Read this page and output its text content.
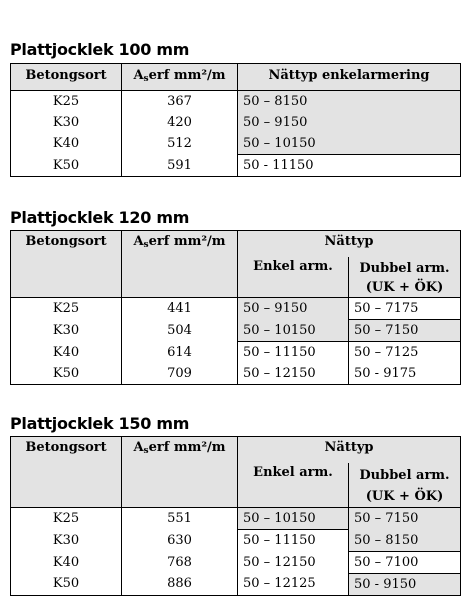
Plattjocklek 100 mm
Betongsort	$A_serf$ mm²/m	Nättyp enkelarmering
K25	367	50 – 8150
K30	420	50 – 9150
K40	512	50 – 10150
K50	591	50 - 11150
Plattjocklek 120 mm
Betongsort	$A_serf$ mm²/m	Nättyp	
		Enkel arm.	Dubbel arm.
(UK + ÖK)

K25	441	50 – 9150	50 – 7175
K30	504	50 – 10150	50 – 7150
K40	614	50 – 11150	50 – 7125
K50	709	50 – 12150	50 - 9175
Plattjocklek 150 mm
Betongsort	$A_serf$ mm²/m	Nättyp	
		Enkel arm.	Dubbel arm.
(UK + ÖK)

K25	551	50 – 10150	50 – 7150
K30	630	50 – 11150	50 – 8150
K40	768	50 – 12150	50 – 7100
K50	886	50 – 12125	50 - 9150
